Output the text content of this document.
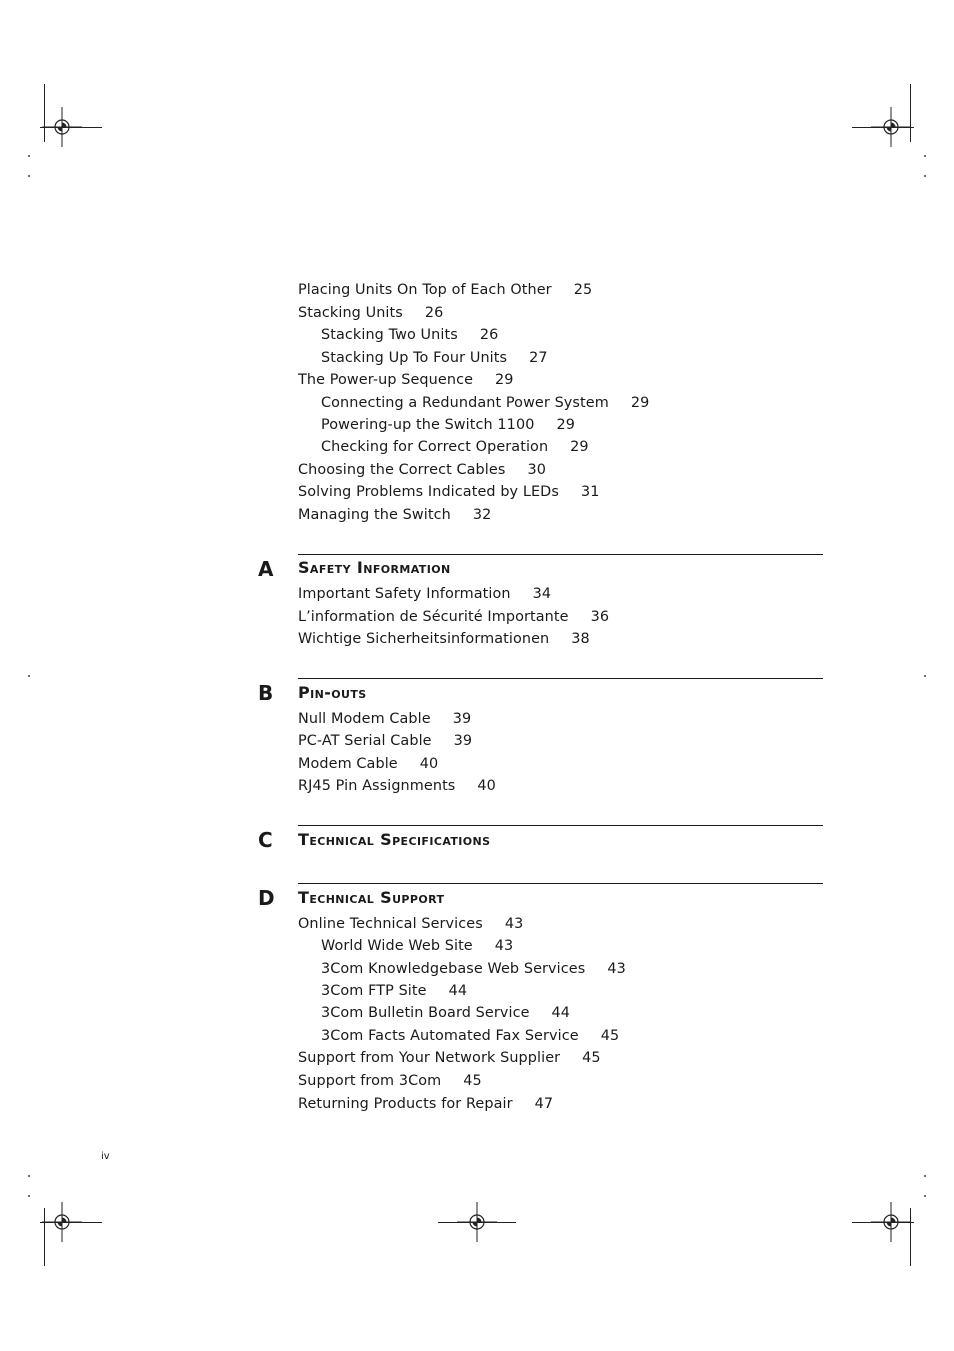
Placing Units On Top of Each Other 25
Stacking Units 26
Stacking Two Units 26
Stacking Up To Four Units 27
The Power-up Sequence 29
Connecting a Redundant Power System 29
Powering-up the Switch 1100 29
Checking for Correct Operation 29
Choosing the Correct Cables 30
Solving Problems Indicated by LEDs 31
Managing the Switch 32
A Safety Information
Important Safety Information 34
L’information de Sécurité Importante 36
Wichtige Sicherheitsinformationen 38
B Pin-outs
Null Modem Cable 39
PC-AT Serial Cable 39
Modem Cable 40
RJ45 Pin Assignments 40
C Technical Specifications
D Technical Support
Online Technical Services 43
World Wide Web Site 43
3Com Knowledgebase Web Services 43
3Com FTP Site 44
3Com Bulletin Board Service 44
3Com Facts Automated Fax Service 45
Support from Your Network Supplier 45
Support from 3Com 45
Returning Products for Repair 47
iv
